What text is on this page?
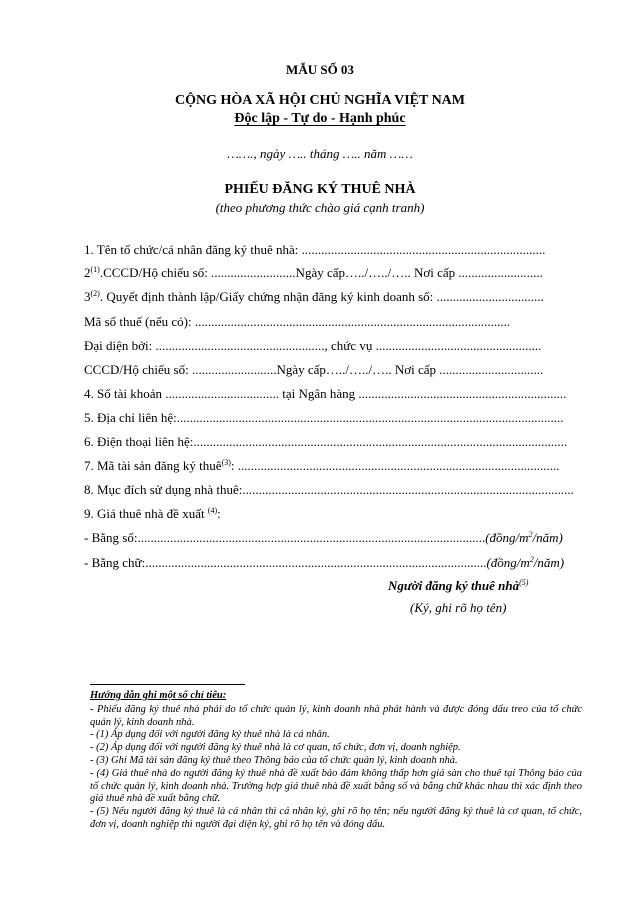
MẪU SỐ 03
CỘNG HÒA XÃ HỘI CHỦ NGHĨA VIỆT NAM
Độc lập - Tự do - Hạnh phúc
……., ngày ….. tháng ….. năm ……
PHIẾU ĐĂNG KÝ THUÊ NHÀ
(theo phương thức chào giá cạnh tranh)
1. Tên tổ chức/cá nhân đăng ký thuê nhà: ...........................................................................
2$^{(1)}$.CCCD/Hộ chiếu số: ..........................Ngày cấp…../…../….. Nơi cấp ..........................
3$^{(2)}$. Quyết định thành lập/Giấy chứng nhận đăng ký kinh doanh số: .................................
Mã số thuế (nếu có): .................................................................................................
Đại diện bởi: ...................................................., chức vụ ...................................................
CCCD/Hộ chiếu số: ..........................Ngày cấp…../…../….. Nơi cấp ................................
4. Số tài khoản ................................... tại Ngân hàng ................................................................
5. Địa chỉ liên hệ:.......................................................................................................................
6. Điện thoại liên hệ:...................................................................................................................
7. Mã tài sản đăng ký thuê$^{(3)}$: ...................................................................................................
8. Mục đích sử dụng nhà thuê:......................................................................................................
9. Giá thuê nhà đề xuất $^{(4)}$:
- Bằng $số:...........................................................................................................(đồng/m^2/n$ăm)
- Bằng $chữ:.........................................................................................................(đồng/m^2/nă$m)
Người đăng ký thuê nhà$^{(5)}$
(Ký, ghi rõ họ tên)
Hướng dẫn ghi một số chỉ tiêu:
- Phiếu đăng ký thuê nhà phải do tổ chức quản lý, kinh doanh nhà phát hành và được đóng dấu treo của tổ chức quản lý, kinh doanh nhà.
- (1) Áp dụng đối với người đăng ký thuê nhà là cá nhân.
- (2) Áp dụng đối với người đăng ký thuê nhà là cơ quan, tổ chức, đơn vị, doanh nghiệp.
- (3) Ghi Mã tài sản đăng ký thuê theo Thông báo của tổ chức quản lý, kinh doanh nhà.
- (4) Giá thuê nhà do người đăng ký thuê nhà đề xuất bảo đảm không thấp hơn giá sàn cho thuê tại Thông báo của tổ chức quản lý, kinh doanh nhà. Trường hợp giá thuê nhà đề xuất bằng số và bằng chữ khác nhau thì xác định theo giá thuê nhà đề xuất bằng chữ.
- (5) Nếu người đăng ký thuê là cá nhân thì cá nhân ký, ghi rõ họ tên; nếu người đăng ký thuê là cơ quan, tổ chức, đơn vị, doanh nghiệp thì người đại diện ký, ghi rõ họ tên và đóng dấu.
